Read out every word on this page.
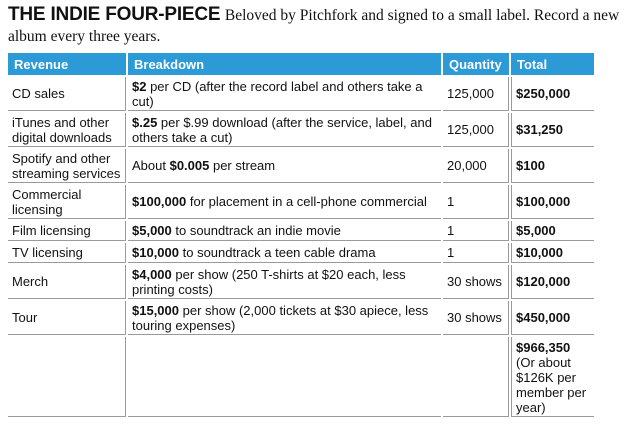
THE INDIE FOUR-PIECE Beloved by Pitchfork and signed to a small label. Record a new album every three years.
Revenue	Breakdown	Quantity	Total
CD sales	$2 per CD (after the record label and others take a cut)	125,000	$250,000
iTunes and other digital downloads	$.25 per $.99 download (after the service, label, and others take a cut)	125,000	$31,250
Spotify and other streaming services	About $0.005 per stream	20,000	$100
Commercial licensing	$100,000 for placement in a cell-phone commercial	1	$100,000
Film licensing	$5,000 to soundtrack an indie movie	1	$5,000
TV licensing	$10,000 to soundtrack a teen cable drama	1	$10,000
Merch	$4,000 per show (250 T-shirts at $20 each, less printing costs)	30 shows	$120,000
Tour	$15,000 per show (2,000 tickets at $30 apiece, less touring expenses)	30 shows	$450,000
			$966,350 (Or about $126K per member per year)
